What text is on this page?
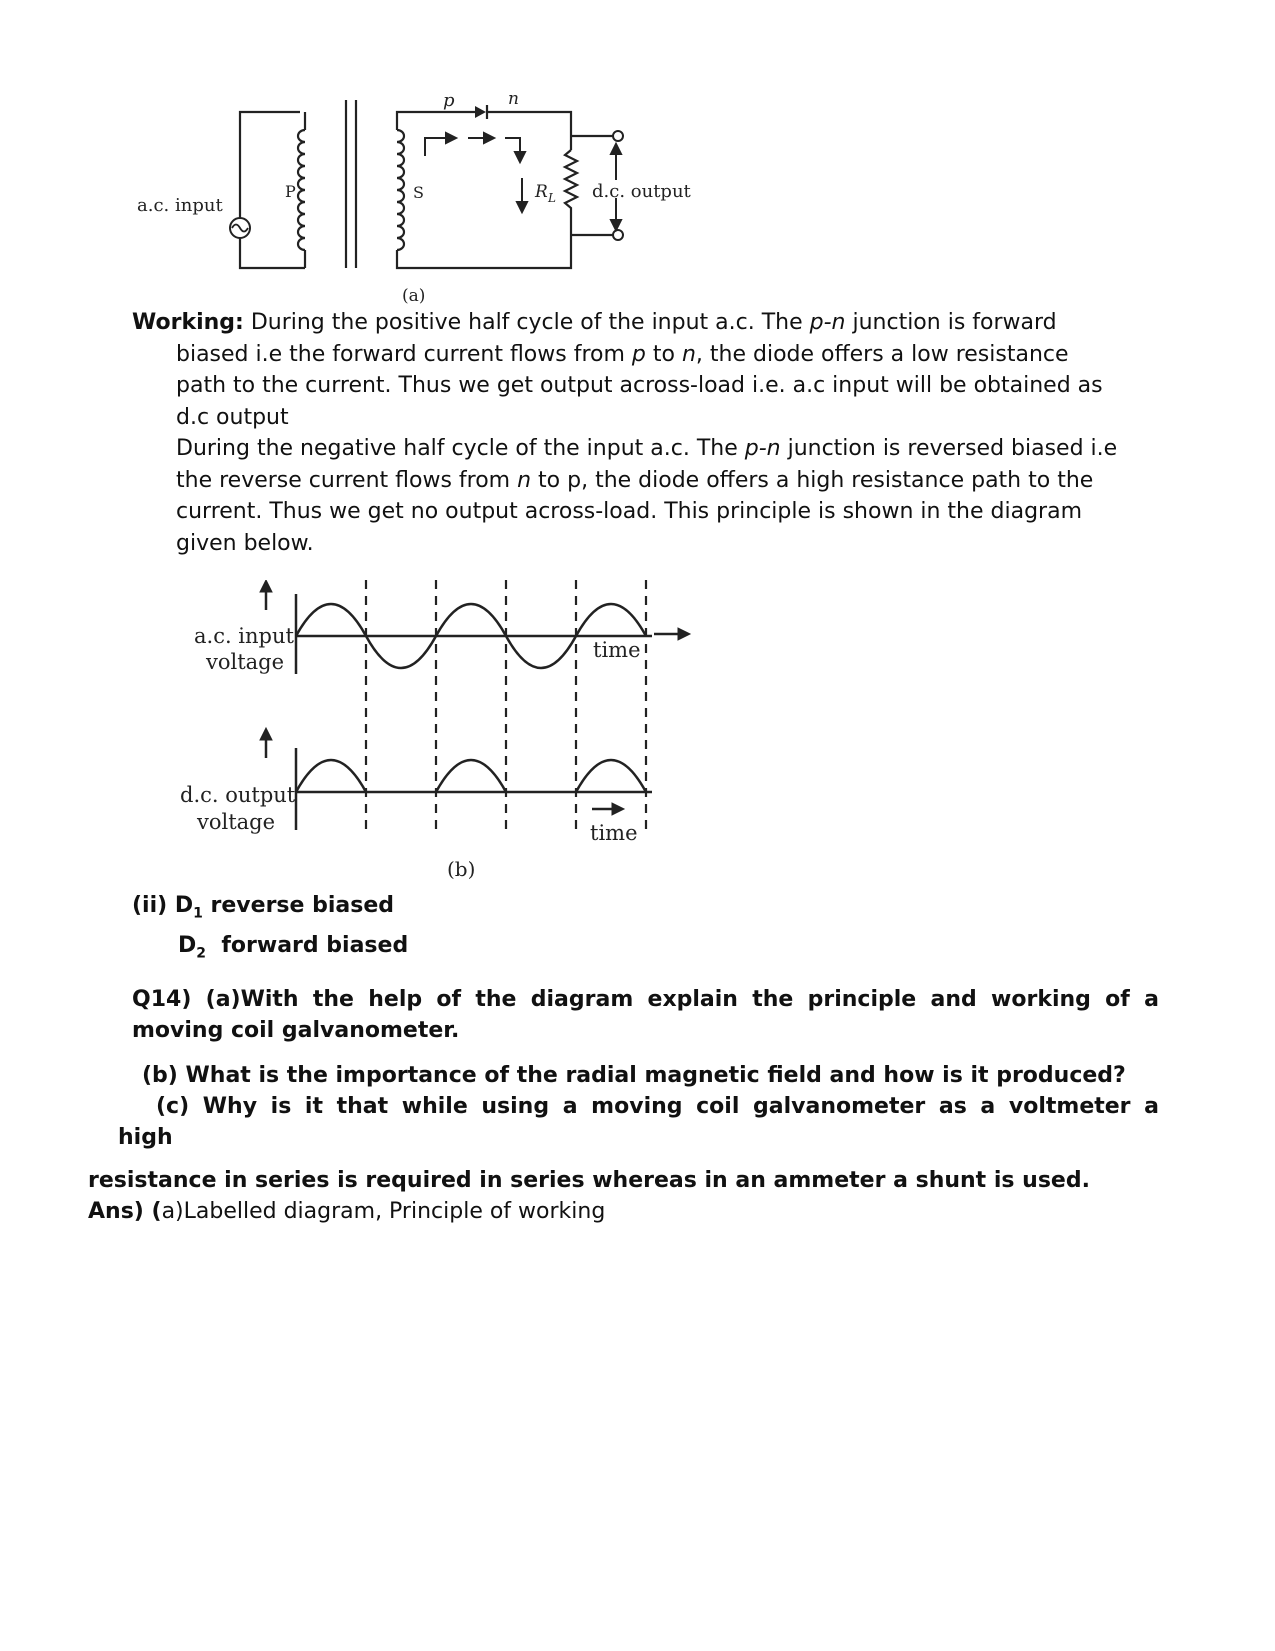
a.c. input
P	S
p	n
R L d.c. output
(a)
Working: During the positive half cycle of the input a.c. The p-n junction is forward
biased i.e the forward current flows from p to n, the diode offers a low resistance
path to the current. Thus we get output across-load i.e. a.c input will be obtained as
d.c output
During the negative half cycle of the input a.c. The p-n junction is reversed biased i.e
the reverse current flows from n to p, the diode offers a high resistance path to the
current. Thus we get no output across-load. This principle is shown in the diagram
given below.
a.c. input
voltage	time
d.c. output
voltage	time
(b)
(ii) $D_1$ reverse biased
$D_2$  forward biased
Q14) (a)With the help of the diagram explain the principle and working of a
moving coil galvanometer.
(b) What is the importance of the radial magnetic field and how is it produced?
(c) Why is it that while using a moving coil galvanometer as a voltmeter a
high
resistance in series is required in series whereas in an ammeter a shunt is used.
Ans) (a)Labelled diagram, Principle of working
